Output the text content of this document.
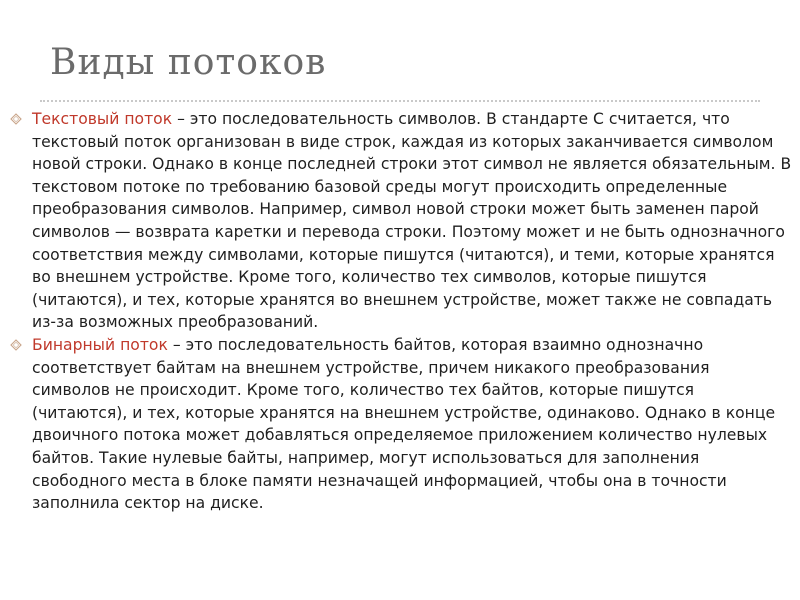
Виды потоков

Текстовый поток – это последовательность символов. В стандарте C считается, что текстовый поток организован в виде строк, каждая из которых заканчивается символом новой строки. Однако в конце последней строки этот символ не является обязательным. В текстовом потоке по требованию базовой среды могут происходить определенные преобразования символов. Например, символ новой строки может быть заменен парой символов — возврата каретки и перевода строки. Поэтому может и не быть однозначного соответствия между символами, которые пишутся (читаются), и теми, которые хранятся во внешнем устройстве. Кроме того, количество тех символов, которые пишутся (читаются), и тех, которые хранятся во внешнем устройстве, может также не совпадать из-за возможных преобразований.

Бинарный поток – это последовательность байтов, которая взаимно однозначно соответствует байтам на внешнем устройстве, причем никакого преобразования символов не происходит. Кроме того, количество тех байтов, которые пишутся (читаются), и тех, которые хранятся на внешнем устройстве, одинаково. Однако в конце двоичного потока может добавляться определяемое приложением количество нулевых байтов. Такие нулевые байты, например, могут использоваться для заполнения свободного места в блоке памяти незначащей информацией, чтобы она в точности заполнила сектор на диске.
